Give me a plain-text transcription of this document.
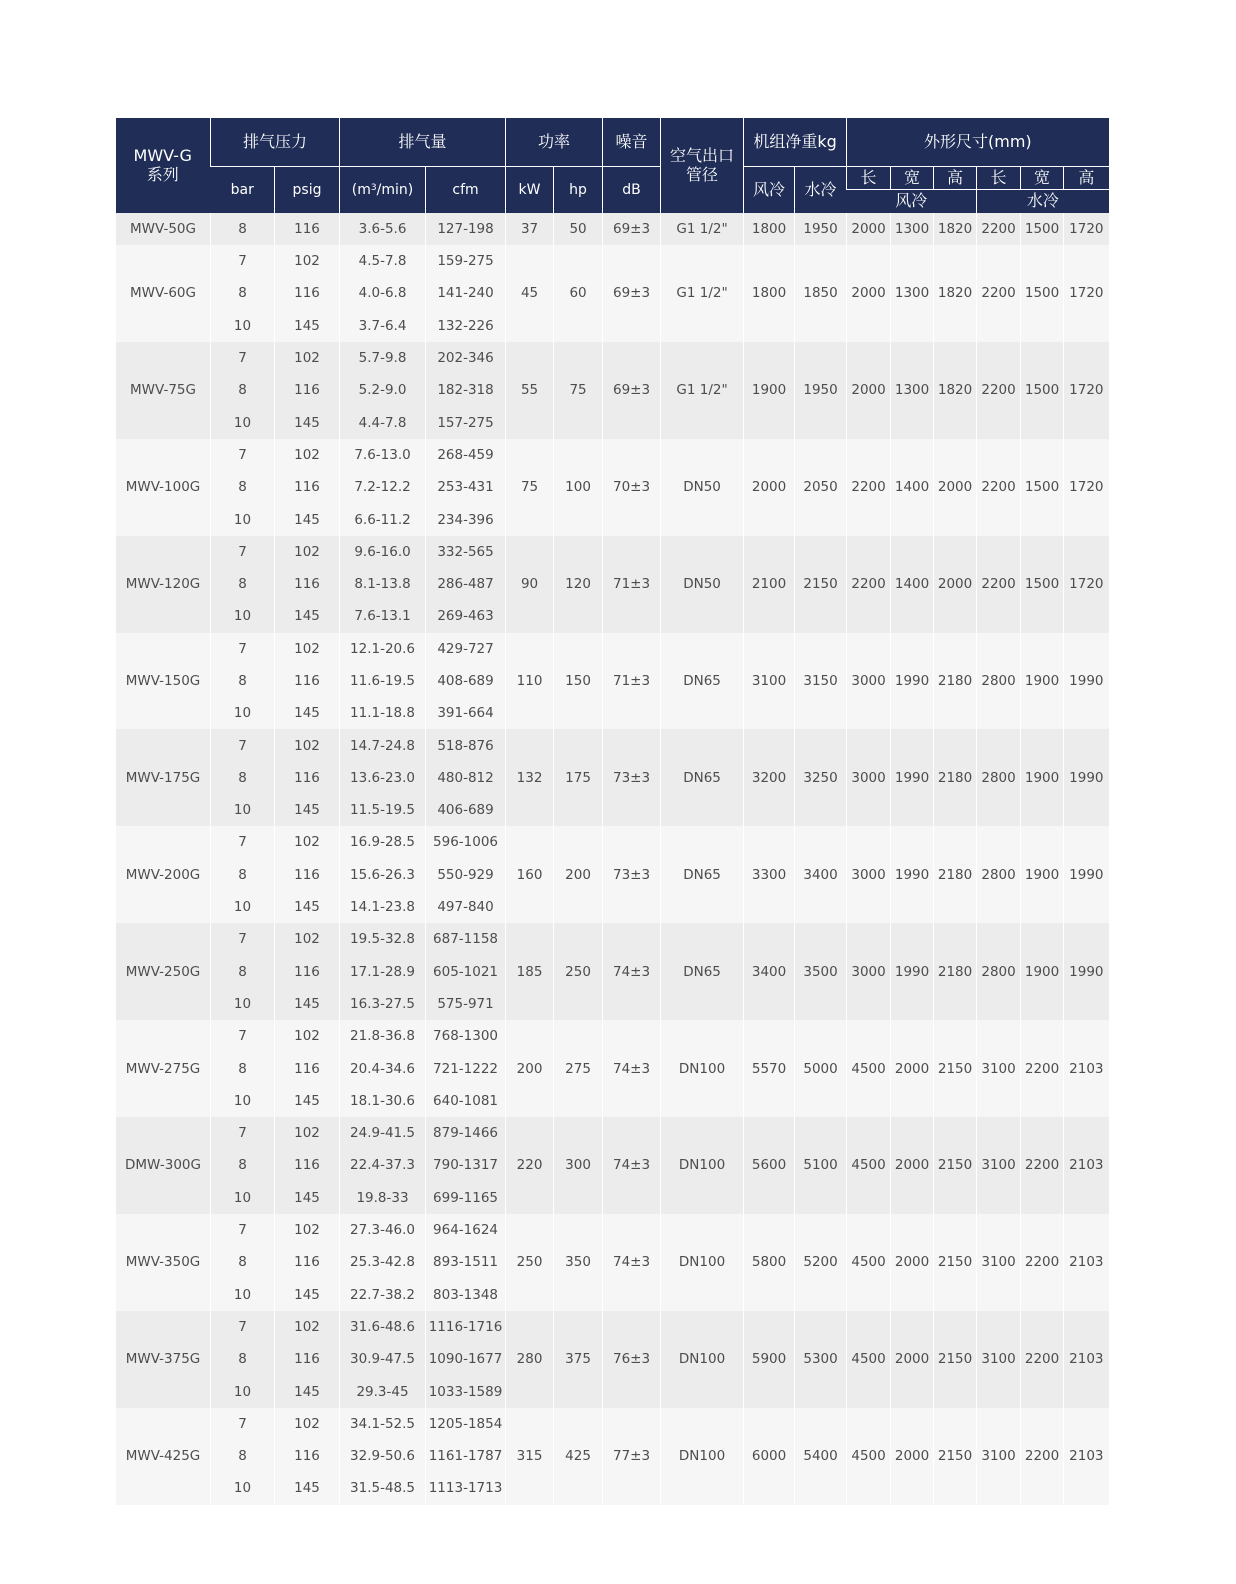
MWV-G
系列	排气压力		排气量		功率		噪音	空气出口
管径	机组净重kg		外形尺寸(mm)					
	bar	psig	$(m^3/\min)$	cfm	kW	hp	dB		风冷	水冷	长	宽	高	长	宽	高
											风冷			水冷		
MWV-50G	8	116	3.6-5.6	127-198	37	50	69±3	G1 1/2"	1800	1950	2000	1300	1820	2200	1500	1720
MWV-60G	7	102	4.5-7.8	159-275	45	60	69±3	G1 1/2"	1800	1850	2000	1300	1820	2200	1500	1720
	8	116	4.0-6.8	141-240												
	10	145	3.7-6.4	132-226												
MWV-75G	7	102	5.7-9.8	202-346	55	75	69±3	G1 1/2"	1900	1950	2000	1300	1820	2200	1500	1720
	8	116	5.2-9.0	182-318												
	10	145	4.4-7.8	157-275												
MWV-100G	7	102	7.6-13.0	268-459	75	100	70±3	DN50	2000	2050	2200	1400	2000	2200	1500	1720
	8	116	7.2-12.2	253-431												
	10	145	6.6-11.2	234-396												
MWV-120G	7	102	9.6-16.0	332-565	90	120	71±3	DN50	2100	2150	2200	1400	2000	2200	1500	1720
	8	116	8.1-13.8	286-487												
	10	145	7.6-13.1	269-463												
MWV-150G	7	102	12.1-20.6	429-727	110	150	71±3	DN65	3100	3150	3000	1990	2180	2800	1900	1990
	8	116	11.6-19.5	408-689												
	10	145	11.1-18.8	391-664												
MWV-175G	7	102	14.7-24.8	518-876	132	175	73±3	DN65	3200	3250	3000	1990	2180	2800	1900	1990
	8	116	13.6-23.0	480-812												
	10	145	11.5-19.5	406-689												
MWV-200G	7	102	16.9-28.5	596-1006	160	200	73±3	DN65	3300	3400	3000	1990	2180	2800	1900	1990
	8	116	15.6-26.3	550-929												
	10	145	14.1-23.8	497-840												
MWV-250G	7	102	19.5-32.8	687-1158	185	250	74±3	DN65	3400	3500	3000	1990	2180	2800	1900	1990
	8	116	17.1-28.9	605-1021												
	10	145	16.3-27.5	575-971												
MWV-275G	7	102	21.8-36.8	768-1300	200	275	74±3	DN100	5570	5000	4500	2000	2150	3100	2200	2103
	8	116	20.4-34.6	721-1222												
	10	145	18.1-30.6	640-1081												
DMW-300G	7	102	24.9-41.5	879-1466	220	300	74±3	DN100	5600	5100	4500	2000	2150	3100	2200	2103
	8	116	22.4-37.3	790-1317												
	10	145	19.8-33	699-1165												
MWV-350G	7	102	27.3-46.0	964-1624	250	350	74±3	DN100	5800	5200	4500	2000	2150	3100	2200	2103
	8	116	25.3-42.8	893-1511												
	10	145	22.7-38.2	803-1348												
MWV-375G	7	102	31.6-48.6	1116-1716	280	375	76±3	DN100	5900	5300	4500	2000	2150	3100	2200	2103
	8	116	30.9-47.5	1090-1677												
	10	145	29.3-45	1033-1589												
MWV-425G	7	102	34.1-52.5	1205-1854	315	425	77±3	DN100	6000	5400	4500	2000	2150	3100	2200	2103
	8	116	32.9-50.6	1161-1787												
	10	145	31.5-48.5	1113-1713												
